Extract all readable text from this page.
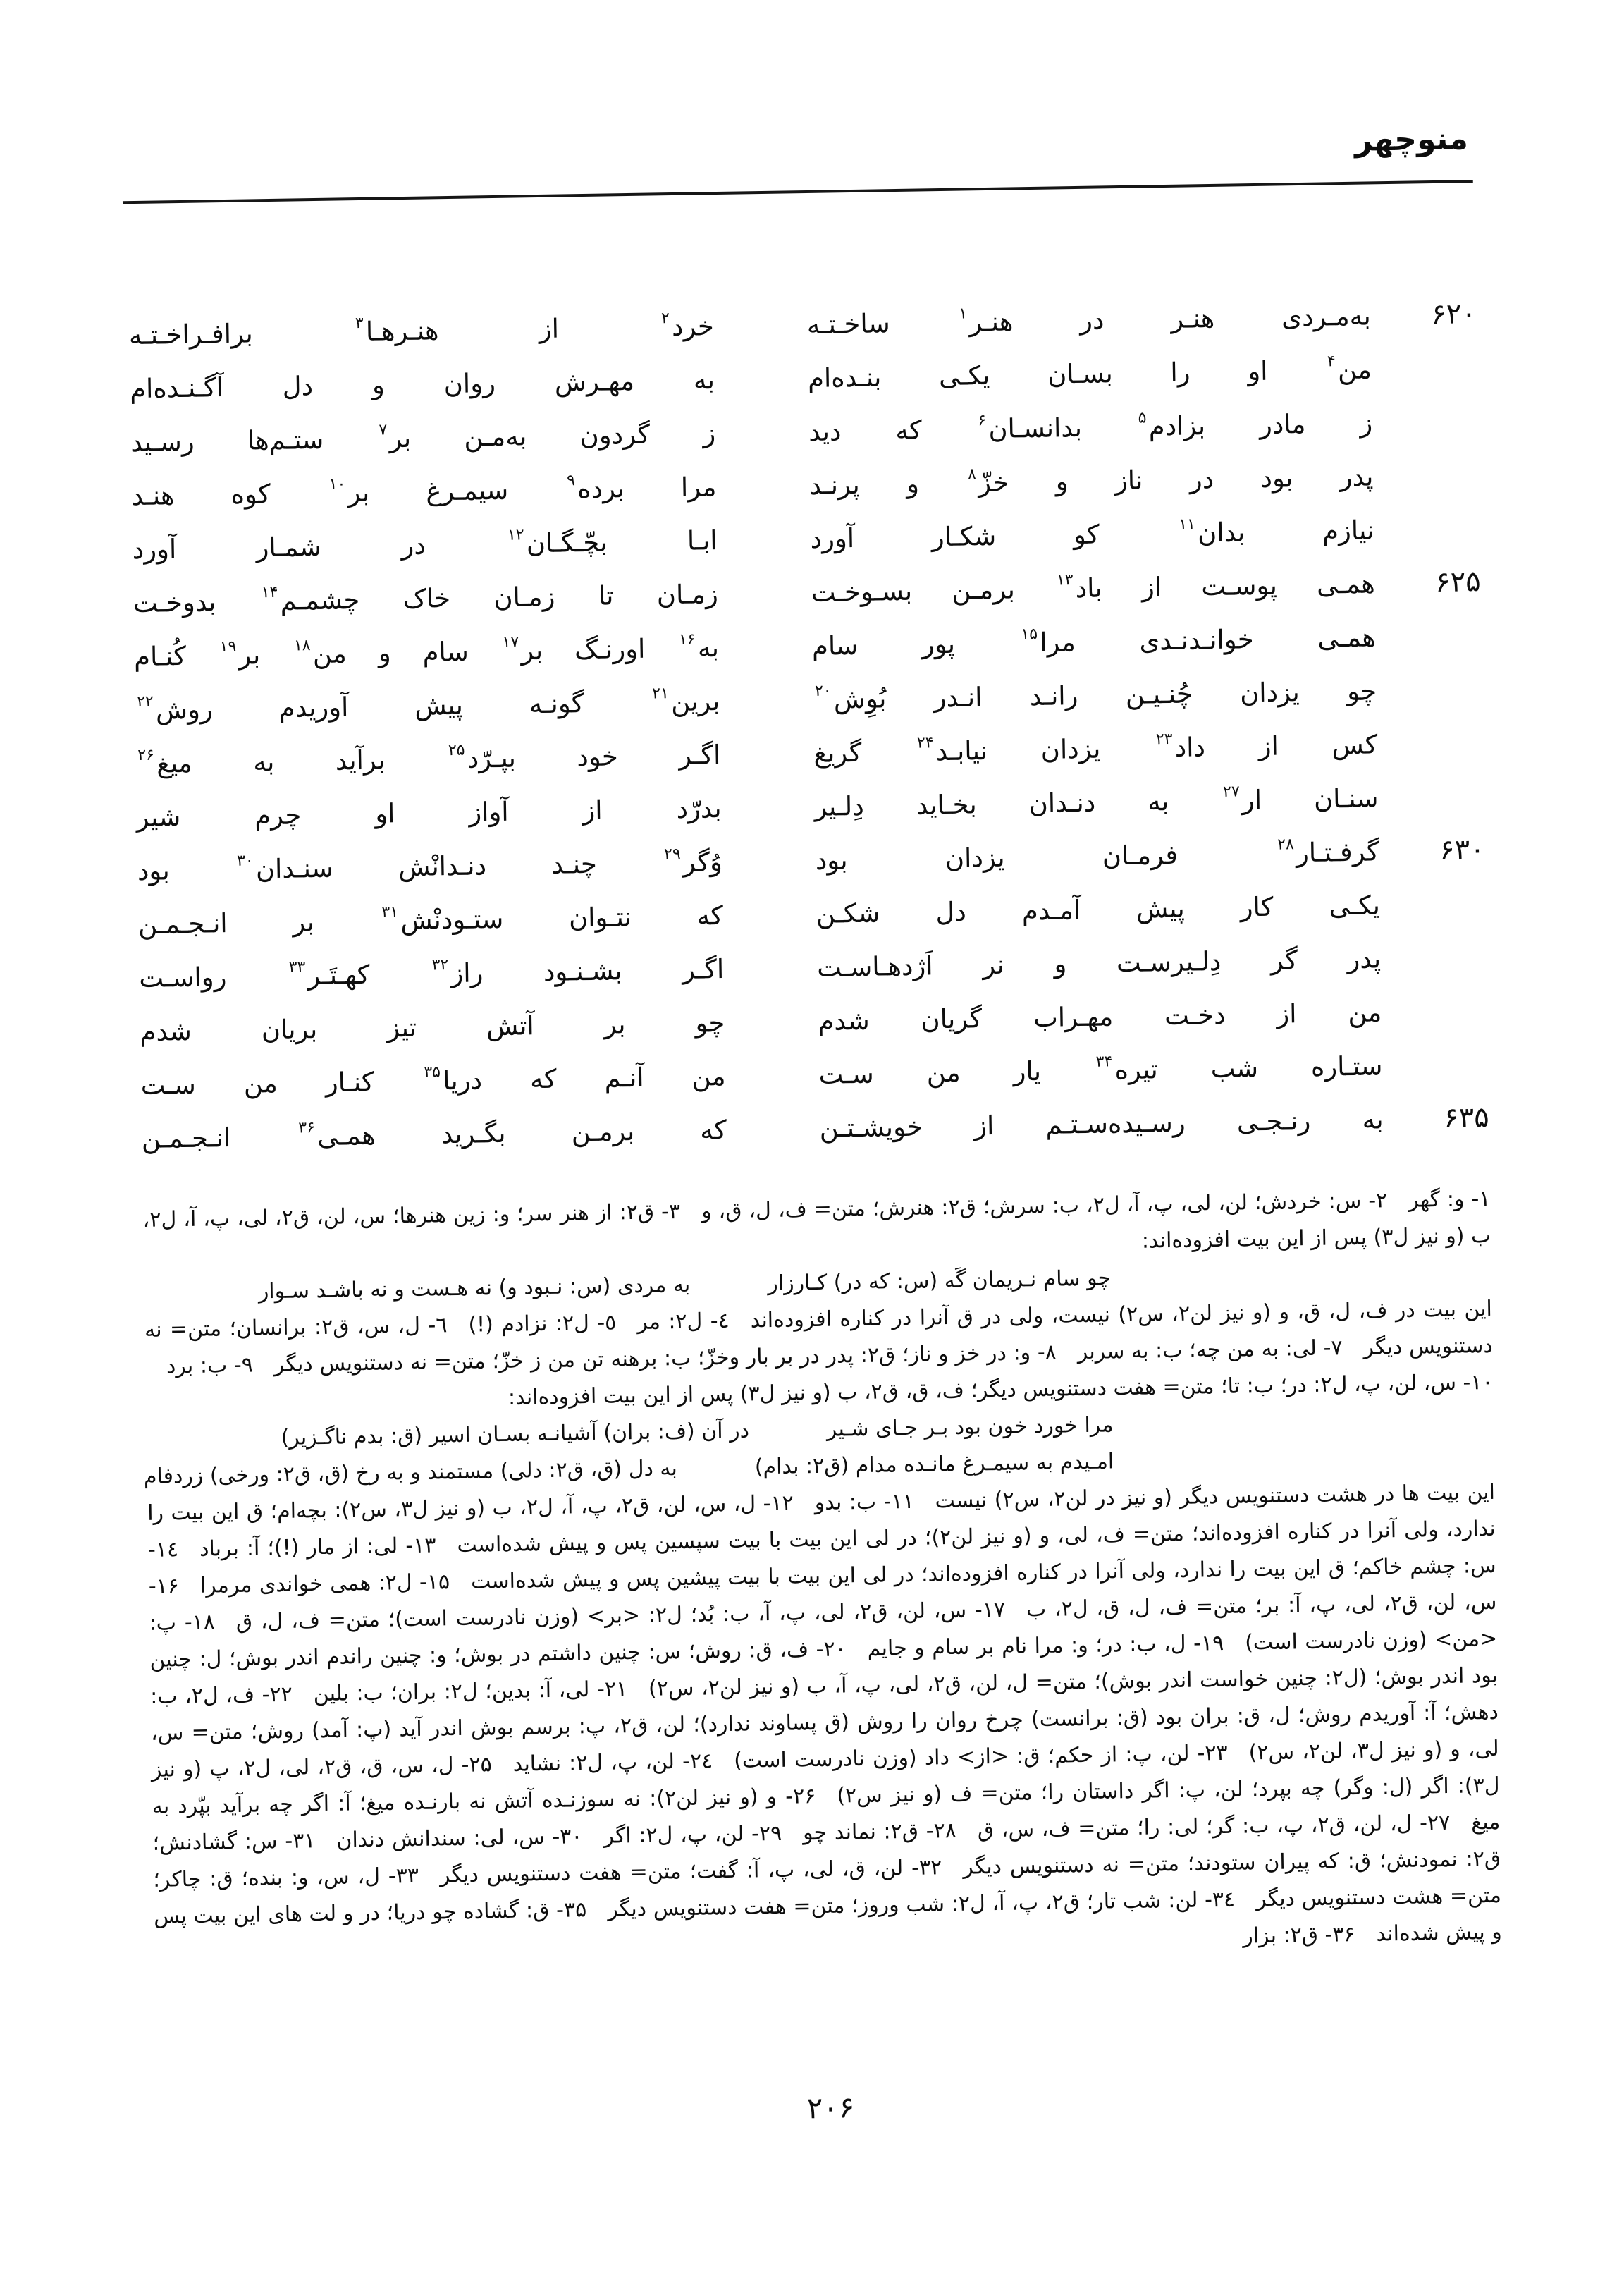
منوچهر
۶۲۰
به‌مـردی هنـر در هنـر$^۱$ ساخـتـه
خرد$^۲$ از هنـرهـا$^۳$ برافـراخـتـه
من$^۴$ او را بسـان یکـی بنـده‌ام
به مهـرش روان و دل آگـنـده‌ام
ز مادر بزادم$^۵$ بدانسـان$^۶$ که دید
ز گردون به‌مـن بر$^۷$ ستـم‌ها رسـید
پدر بود در ناز و خزّ$^۸$ و پرنـد
مرا برده$^۹$ سیمـرغ بر$^{۱۰}$ کوه هنـد
نیازم بدان$^{۱۱}$ کو شکـار آورد
ابـا بچّـگـان$^{۱۲}$ در شمـار آورد
۶۲۵
همـی پوسـت از باد$^{۱۳}$ برمـن بسـوخـت
زمـان تا زمـان خاک چشمـم$^{۱۴}$ بدوخـت
همـی خوانـدنـدی مرا$^{۱۵}$ پور سام
به$^{۱۶}$ اورنـگ بر$^{۱۷}$ سام و من$^{۱۸}$ بر$^{۱۹}$ کُنـام
چو یزدان چُنـیـن رانـد انـدر بُوِش$^{۲۰}$
برین$^{۲۱}$ گونـه پیش آوریدم روش$^{۲۲}$
کس از داد$^{۲۳}$ یزدان نیابـد$^{۲۴}$ گریغ
اگـر خود بپـرّد$^{۲۵}$ برآید به میغ$^{۲۶}$
سنـان ار$^{۲۷}$ به دنـدان بخـاید دِلـیر
بدرّد از آواز او چرم شیر
۶۳۰
گرفـتـار$^{۲۸}$ فرمـان یزدان بود
وُگر$^{۲۹}$ چنـد دنـدانْش سنـدان$^{۳۰}$ بود
یکـی کار پیش آمـدم دل شکـن
که نتـوان ستـودنْش$^{۳۱}$ بر انـجـمـن
پدر گر دِلـیرسـت و نر اَژدهـاسـت
اگـر بشـنـود راز$^{۳۲}$ کهـتَـر$^{۳۳}$ رواسـت
من از دخـت مهـراب گریان شدم
چو بر آتش تیز بریان شدم
ستـاره شب تیره$^{۳۴}$ یار من سـت
من آنـم که دریا$^{۳۵}$ کنـار من سـت
۶۳۵
به رنـجـی رسـیده‌سـتـم از خویشـتـن
که برمـن بگـرید همـی$^{۳۶}$ انـجـمـن
۱- و: گهر ۲- س: خردش؛ لن، لی، پ، آ، ل۲، ب: سرش؛ ق۲: هنرش؛ متن= ف، ل، ق، و ۳- ق۲: از هنر سر؛ و: زین هنرها؛ س، لن، ق۲، لی، پ، آ، ل۲، ب (و نیز ل۳) پس از این بیت افزوده‌اند:
چو سام نـریمان گَه (س: که در) کـارزار
به مردی (س: نـبود و) نه هـست و نه باشـد سـوار
این بیت در ف، ل، ق، و (و نیز لن۲، س۲) نیست، ولی در ق آنرا در کناره افزوده‌اند ٤- ل۲: مر ٥- ل۲: نزادم (!) ٦- ل، س، ق۲: برانسان؛ متن= نه دستنویس دیگر ۷- لی: به من چه؛ ب: به سربر ۸- و: در خز و ناز؛ ق۲: پدر در بر بار وخزّ؛ ب: برهنه تن من ز خزّ؛ متن= نه دستنویس دیگر ۹- ب: برد ۱۰- س، لن، پ، ل۲: در؛ ب: تا؛ متن= هفت دستنویس دیگر؛ ف، ق، ق۲، ب (و نیز ل۳) پس از این بیت افزوده‌اند:
مرا خورد خون بود بـر جـای شـیر
در آن (ف: بران) آشیانـه بسـان اسیر (ق: بدم ناگـزیر)
امـیدم به سیمـرغ مانـده مدام (ق۲: بدام)
به دل (ق، ق۲: دلی) مستمند و به رخ (ق، ق۲: ورخی) زردفام
این بیت ها در هشت دستنویس دیگر (و نیز در لن۲، س۲) نیست ۱۱- ب: بدو ۱۲- ل، س، لن، ق۲، پ، آ، ل۲، ب (و نیز ل۳، س۲): بچه‌ام؛ ق این بیت را ندارد، ولی آنرا در کناره افزوده‌اند؛ متن= ف، لی، و (و نیز لن۲)؛ در لی این بیت با بیت سپسین پس و پیش شده‌است ۱۳- لی: از مار (!)؛ آ: برباد ١٤- س: چشم خاکم؛ ق این بیت را ندارد، ولی آنرا در کناره افزوده‌اند؛ در لی این بیت با بیت پیشین پس و پیش شده‌است ۱۵- ل۲: همی خواندی مرمرا ۱۶- س، لن، ق۲، لی، پ، آ: بر؛ متن= ف، ل، ق، ل۲، ب ۱۷- س، لن، ق۲، لی، پ، آ، ب: بُد؛ ل۲: <بر> (وزن نادرست است)؛ متن= ف، ل، ق ۱۸- پ: <من> (وزن نادرست است) ۱۹- ل، ب: در؛ و: مرا نام بر سام و جایم ۲۰- ف، ق: روش؛ س: چنین داشتم در بوش؛ و: چنین راندم اندر بوش؛ ل: چنین بود اندر بوش؛ (ل۲: چنین خواست اندر بوش)؛ متن= ل، لن، ق۲، لی، پ، آ، ب (و نیز لن۲، س۲) ۲۱- لی، آ: بدین؛ ل۲: بران؛ ب: بلین ۲۲- ف، ل۲، ب: دهش؛ آ: آوریدم روش؛ ل، ق: بران بود (ق: برانست) چرخ روان را روش (ق پساوند ندارد)؛ لن، ق۲، پ: برسم بوش اندر آید (پ: آمد) روش؛ متن= س، لی، و (و نیز ل۳، لن۲، س۲) ۲۳- لن، پ: از حکم؛ ق: <از> داد (وزن نادرست است) ٢٤- لن، پ، ل۲: نشاید ۲۵- ل، س، ق، ق۲، لی، ل۲، پ (و نیز ل۳): اگر (ل: وگر) چه بپرد؛ لن، پ: اگر داستان را؛ متن= ف (و نیز س۲) ۲۶- و (و نیز لن۲): نه سوزنـده آتش نه بارنـده میغ؛ آ: اگر چه برآید بپّرد به میغ ۲۷- ل، لن، ق۲، پ، ب: گر؛ لی: را؛ متن= ف، س، ق ۲۸- ق۲: نماند چو ۲۹- لن، پ، ل۲: اگر ۳۰- س، لی: سندانش دندان ۳۱- س: گشادنش؛ ق۲: نمودنش؛ ق: که پیران ستودند؛ متن= نه دستنویس دیگر ۳۲- لن، ق، لی، پ، آ: گفت؛ متن= هفت دستنویس دیگر ۳۳- ل، س، و: بنده؛ ق: چاکر؛ متن= هشت دستنویس دیگر ٣٤- لن: شب تار؛ ق۲، پ، آ، ل۲: شب وروز؛ متن= هفت دستنویس دیگر ۳۵- ق: گشاده چو دریا؛ در و لت های این بیت پس و پیش شده‌اند ۳۶- ق۲: بزار
۲۰۶
